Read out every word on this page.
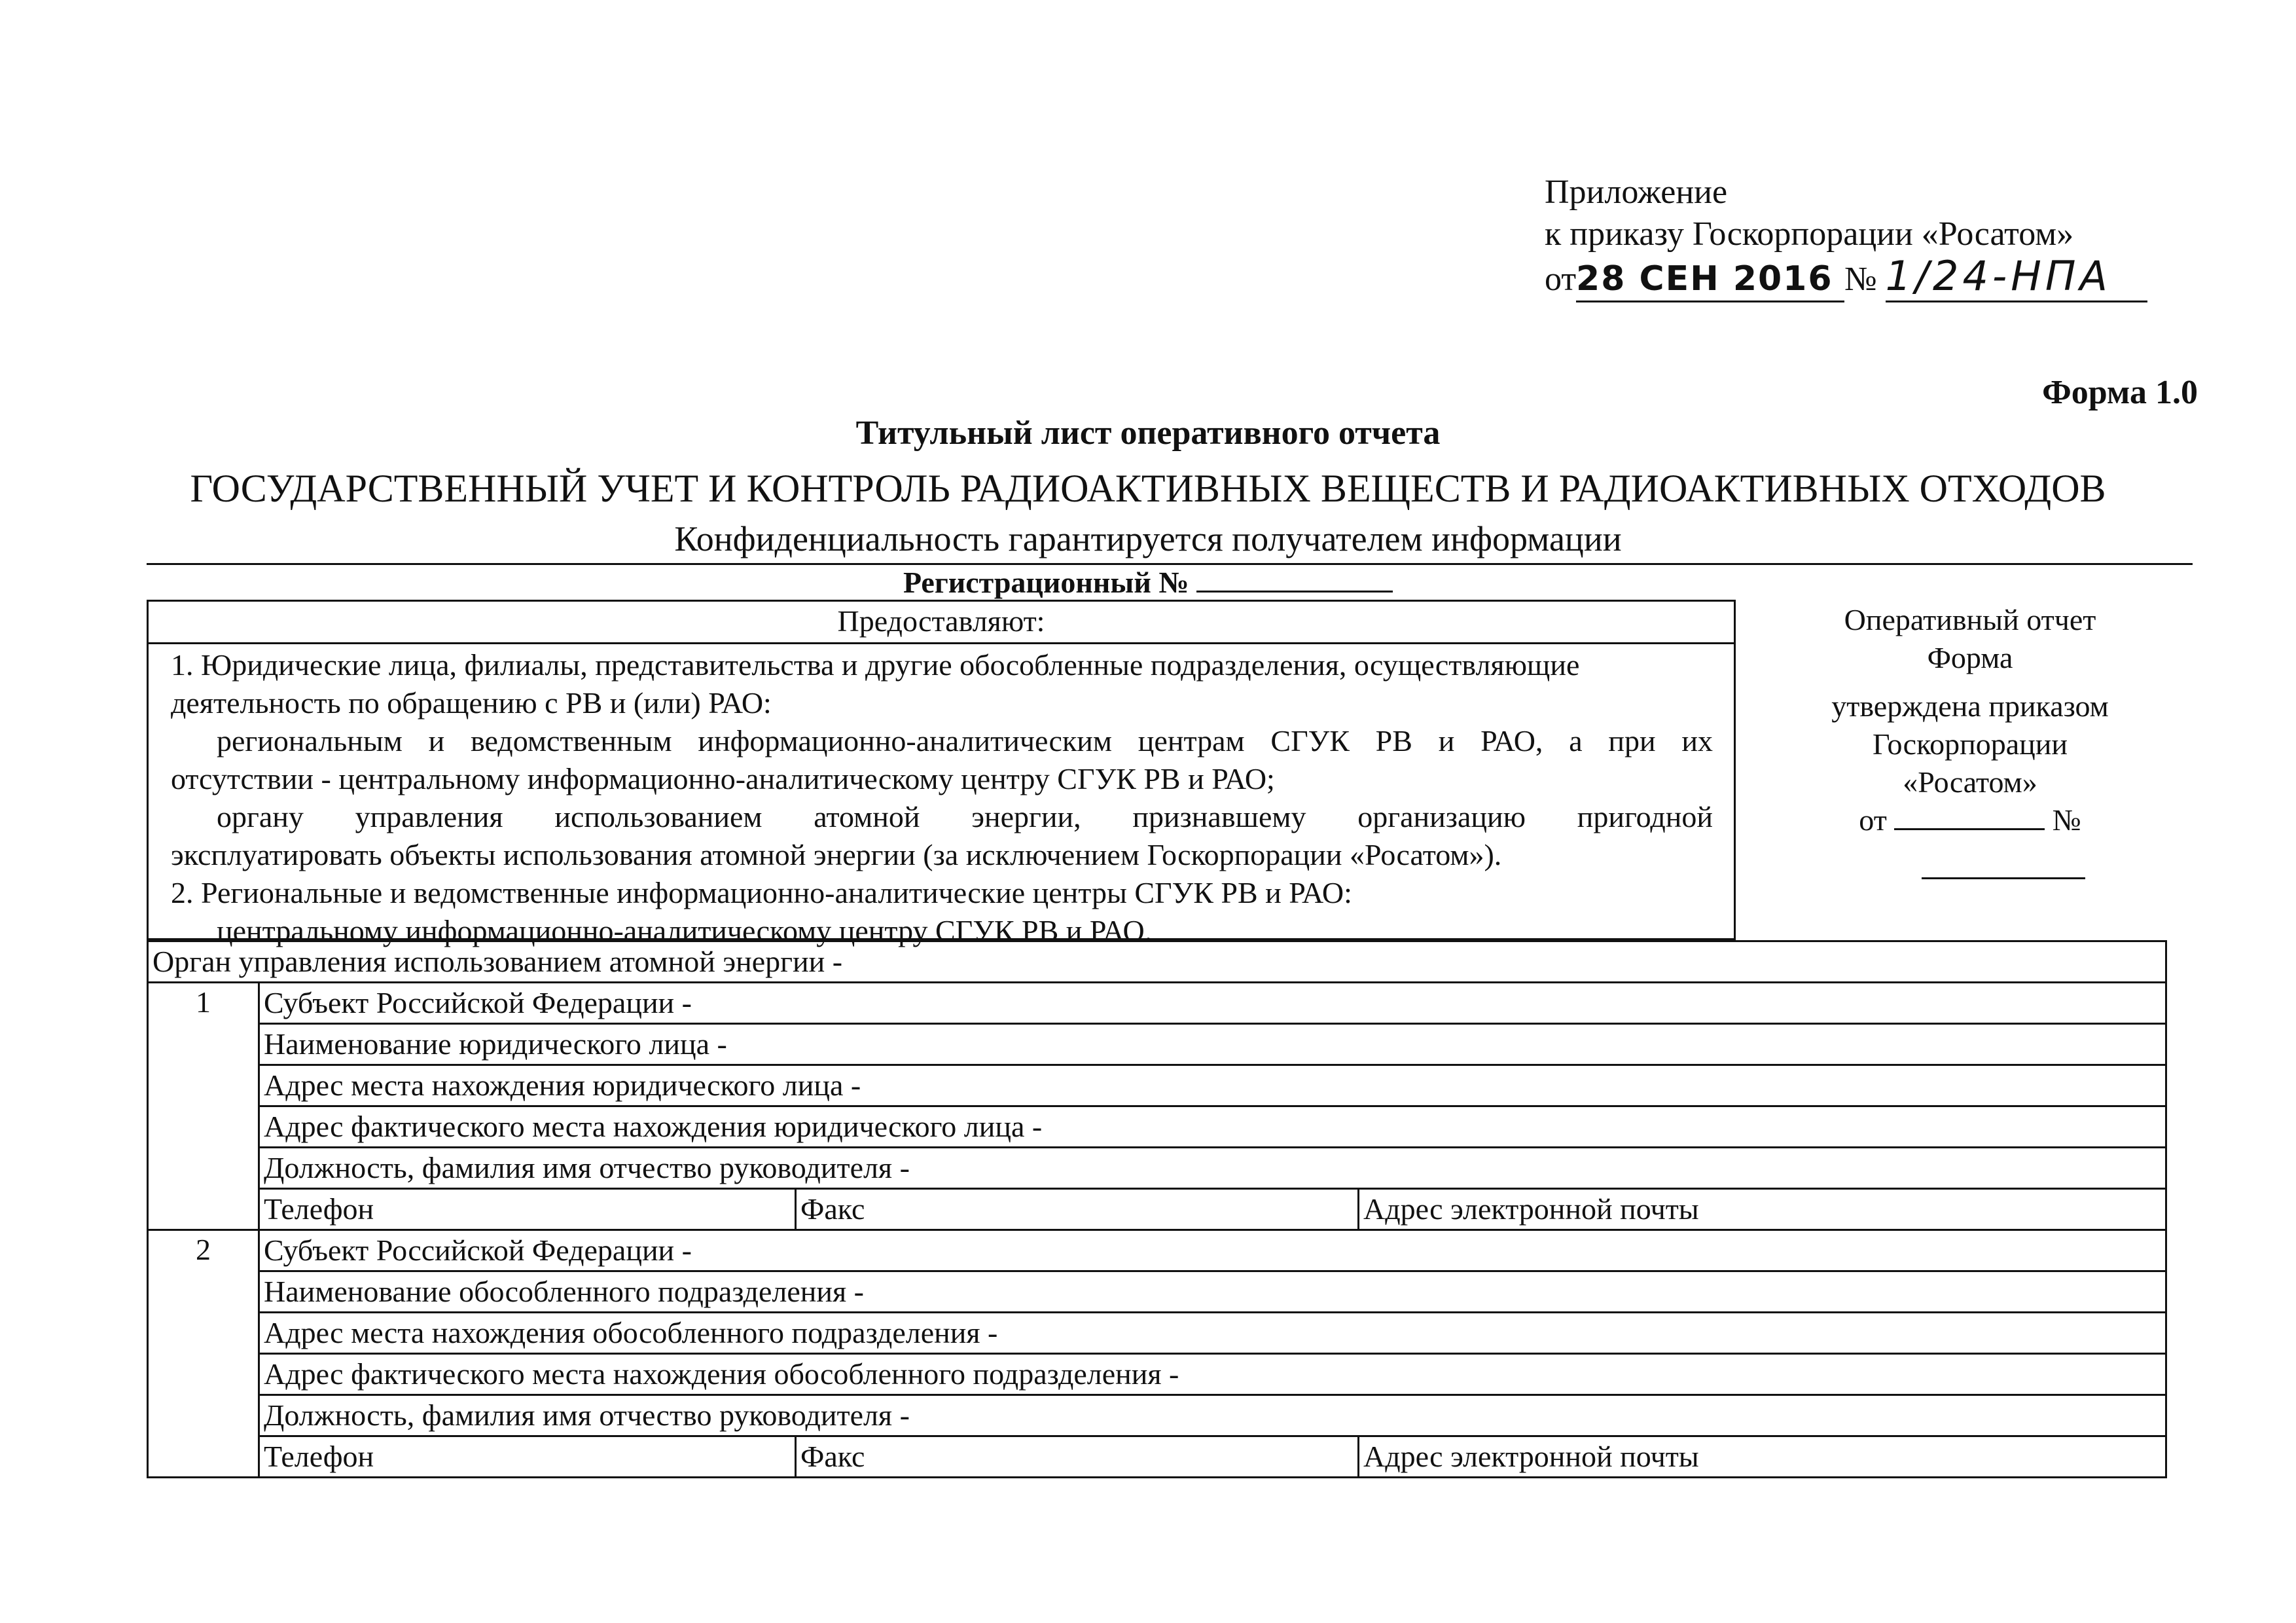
Приложение
к приказу Госкорпорации «Росатом»
от28 СЕН 2016 № 1/24-НПА
Форма 1.0
Титульный лист оперативного отчета
ГОСУДАРСТВЕННЫЙ УЧЕТ И КОНТРОЛЬ РАДИОАКТИВНЫХ ВЕЩЕСТВ И РАДИОАКТИВНЫХ ОТХОДОВ
Конфиденциальность гарантируется получателем информации
Регистрационный №
Предоставляют:

1. Юридические лица, филиалы, представительства и другие обособленные подразделения, осуществляющие

деятельность по обращению с РВ и (или) РАО:

региональным и ведомственным информационно-аналитическим центрам СГУК РВ и РАО, а при их

отсутствии - центральному информационно-аналитическому центру СГУК РВ и РАО;

органу управления использованием атомной энергии, признавшему организацию пригодной

эксплуатировать объекты использования атомной энергии (за исключением Госкорпорации «Росатом»).

2. Региональные и ведомственные информационно-аналитические центры СГУК РВ и РАО:

центральному информационно-аналитическому центру СГУК РВ и РАО.

Оперативный отчет
Форма
утверждена приказом
Госкорпорации
«Росатом»
от	№
Орган управления использованием атомной энергии -			
1	Субъект Российской Федерации -		
	Наименование юридического лица -		
	Адрес места нахождения юридического лица -		
	Адрес фактического места нахождения юридического лица -		
	Должность, фамилия имя отчество руководителя -		
	Телефон	Факс	Адрес электронной почты
2	Субъект Российской Федерации -		
	Наименование обособленного подразделения -		
	Адрес места нахождения обособленного подразделения -		
	Адрес фактического места нахождения обособленного подразделения -		
	Должность, фамилия имя отчество руководителя -		
	Телефон	Факс	Адрес электронной почты
